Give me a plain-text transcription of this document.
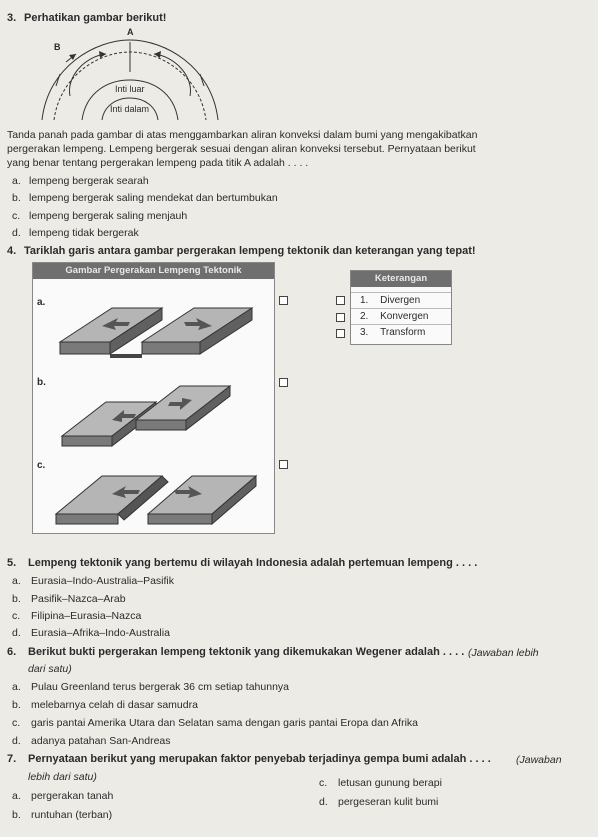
3. Perhatikan gambar berikut!
A
B
Inti luar
Inti dalam
Tanda panah pada gambar di atas menggambarkan aliran konveksi dalam bumi yang mengakibatkan
pergerakan lempeng. Lempeng bergerak sesuai dengan aliran konveksi tersebut. Pernyataan berikut
yang benar tentang pergerakan lempeng pada titik A adalah . . . .
a. lempeng bergerak searah
b. lempeng bergerak saling mendekat dan bertumbukan
c. lempeng bergerak saling menjauh
d. lempeng tidak bergerak
4. Tariklah garis antara gambar pergerakan lempeng tektonik dan keterangan yang tepat!
Gambar Pergerakan Lempeng Tektonik
a.
b.
c.
Keterangan
1. Divergen
2. Konvergen
3. Transform
5. Lempeng tektonik yang bertemu di wilayah Indonesia adalah pertemuan lempeng . . . .
a. Eurasia–Indo-Australia–Pasifik
b. Pasifik–Nazca–Arab
c. Filipina–Eurasia–Nazca
d. Eurasia–Afrika–Indo-Australia
6. Berikut bukti pergerakan lempeng tektonik yang dikemukakan Wegener adalah . . . . (Jawaban lebih
dari satu)
a. Pulau Greenland terus bergerak 36 cm setiap tahunnya
b. melebarnya celah di dasar samudra
c. garis pantai Amerika Utara dan Selatan sama dengan garis pantai Eropa dan Afrika
d. adanya patahan San-Andreas
7. Pernyataan berikut yang merupakan faktor penyebab terjadinya gempa bumi adalah . . . . (Jawaban
lebih dari satu)
a. pergerakan tanah
b. runtuhan (terban)
c. letusan gunung berapi
d. pergeseran kulit bumi
